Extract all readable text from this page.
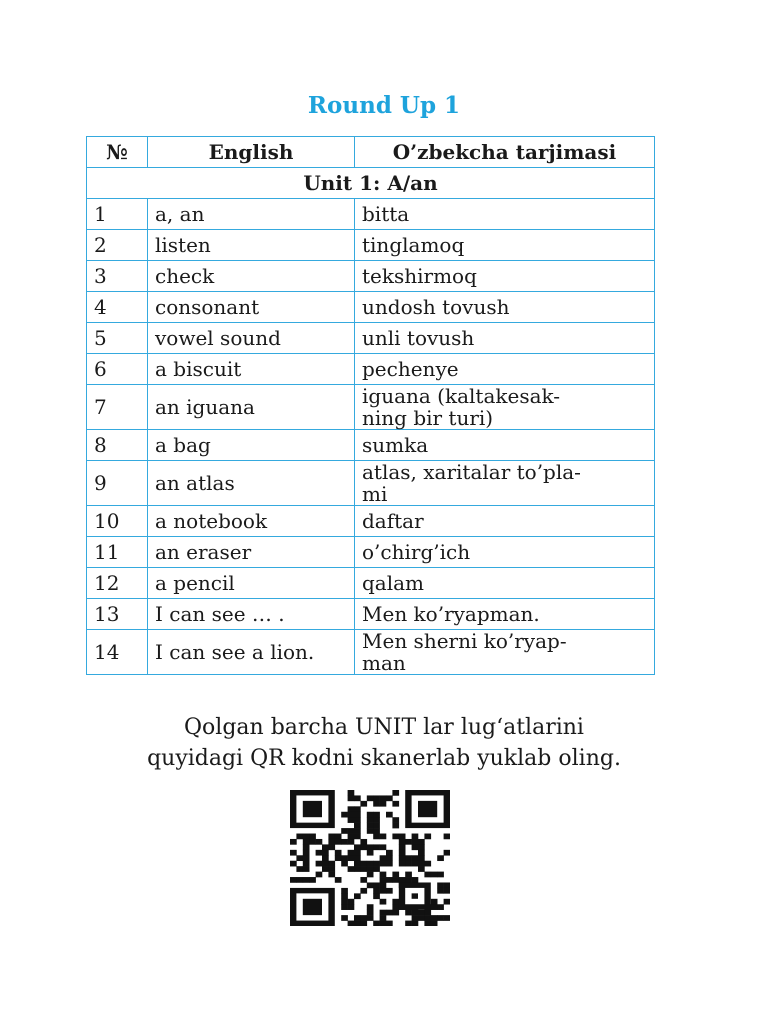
Round Up 1
№	English	O’zbekcha tarjimasi
Unit 1: A/an		
1	a, an	bitta

2	listen	tinglamoq

3	check	tekshirmoq

4	consonant	undosh tovush

5	vowel sound	unli tovush

6	a biscuit	pechenye

7	an iguana	iguana (kaltakesak-
ning bir turi)

8	a bag	sumka

9	an atlas	atlas, xaritalar to’pla-
mi

10	a notebook	daftar

11	an eraser	o’chirg’ich

12	a pencil	qalam

13	I can see … .	Men ko’ryapman.

14	I can see a lion.	Men sherni ko’ryap-
man
Qolgan barcha UNIT lar lug‘atlarini
quyidagi QR kodni skanerlab yuklab oling.
